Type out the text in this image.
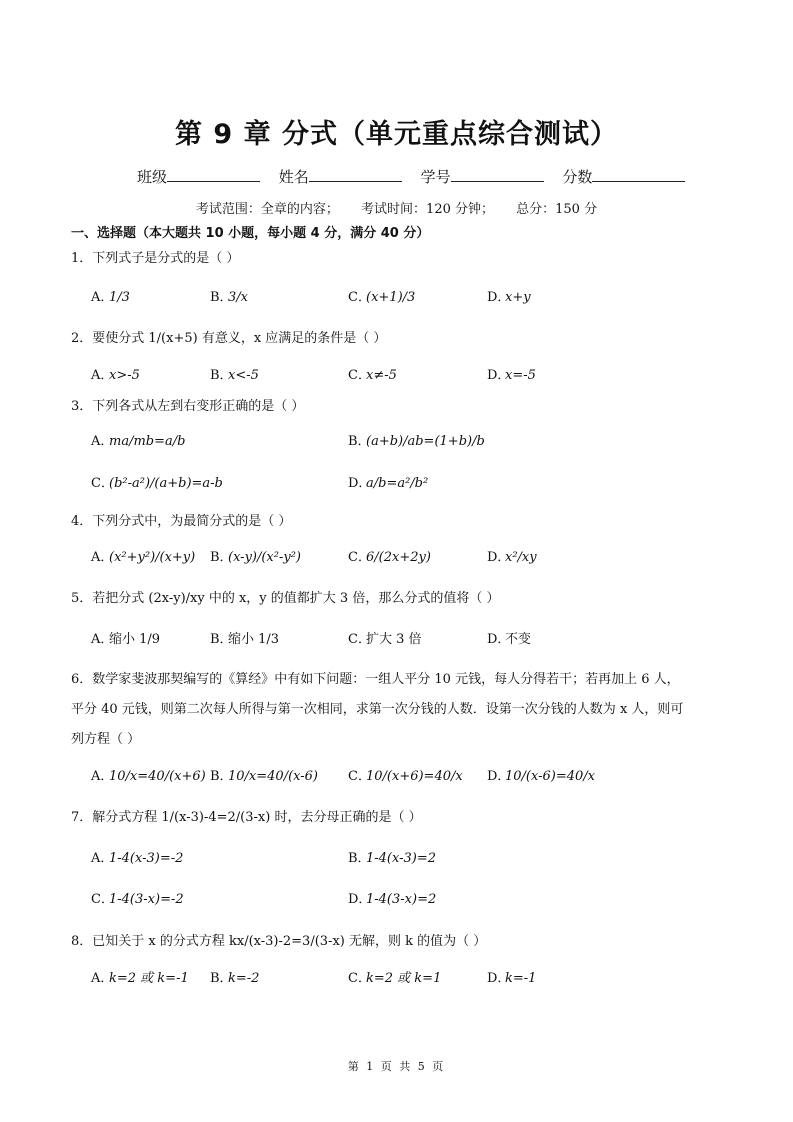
第 9 章 分式（单元重点综合测试）
班级	姓名	学号	分数
考试范围：全章的内容； 考试时间：120 分钟； 总分：150 分
一、选择题（本大题共 10 小题，每小题 4 分，满分 40 分）
1．下列式子是分式的是（ ）
A．1/3	B．3/x	C．(x+1)/3	D．x+y
2．要使分式 1/(x+5) 有意义，x 应满足的条件是（ ）
A．x>-5	B．x<-5	C．x≠-5	D．x=-5
3．下列各式从左到右变形正确的是（ ）
A．ma/mb=a/b	B．(a+b)/ab=(1+b)/b
C．(b²-a²)/(a+b)=a-b	D．a/b=a²/b²
4．下列分式中，为最简分式的是（ ）
A．(x²+y²)/(x+y) B．(x-y)/(x²-y²)	C．6/(2x+2y)	D．x²/xy
5．若把分式 (2x-y)/xy 中的 x，y 的值都扩大 3 倍，那么分式的值将（ ）
A．缩小 1/9	B．缩小 1/3	C．扩大 3 倍	D．不变
6．数学家斐波那契编写的《算经》中有如下问题：一组人平分 10 元钱，每人分得若干；若再加上 6 人，
平分 40 元钱，则第二次每人所得与第一次相同，求第一次分钱的人数．设第一次分钱的人数为 x 人，则可
列方程（ ）
A．10/x=40/(x+6) B．10/x=40/(x-6) C．10/(x+6)=40/x D．10/(x-6)=40/x
7．解分式方程 1/(x-3)-4=2/(3-x) 时，去分母正确的是（ ）
A．1-4(x-3)=-2	B．1-4(x-3)=2
C．1-4(3-x)=-2	D．1-4(3-x)=2
8．已知关于 x 的分式方程 kx/(x-3)-2=3/(3-x) 无解，则 k 的值为（ ）
A．k=2 或 k=-1 B．k=-2	C．k=2 或 k=1	D．k=-1
第 1 页 共 5 页
